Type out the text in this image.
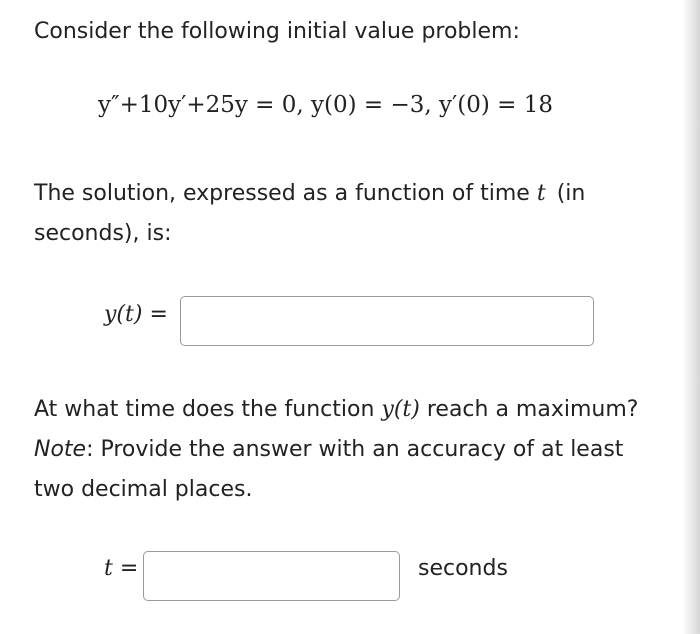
Consider the following initial value problem:
y″+10y′+25y = 0, y(0) = −3, y′(0) = 18
The solution, expressed as a function of time t (in
seconds), is:
y(t) =
At what time does the function y(t) reach a maximum?
Note: Provide the answer with an accuracy of at least
two decimal places.
t =	seconds
